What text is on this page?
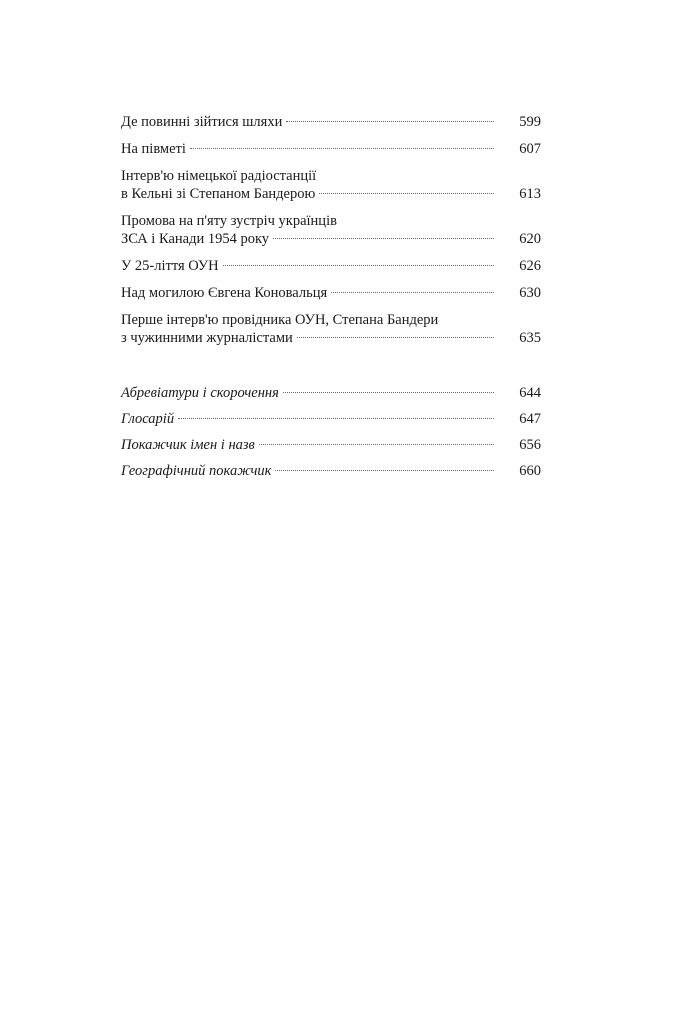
Де повинні зійтися шляхи	599
На півметі	607
Інтерв'ю німецької радіостанції
в Кельні зі Степаном Бандерою	613
Промова на п'яту зустріч українців
ЗСА і Канади 1954 року	620
У 25-ліття ОУН	626
Над могилою Євгена Коновальця	630
Перше інтерв'ю провідника ОУН, Степана Бандери
з чужинними журналістами	635
Абревіатури і скорочення	644
Глосарій	647
Покажчик імен і назв	656
Географічний покажчик	660
